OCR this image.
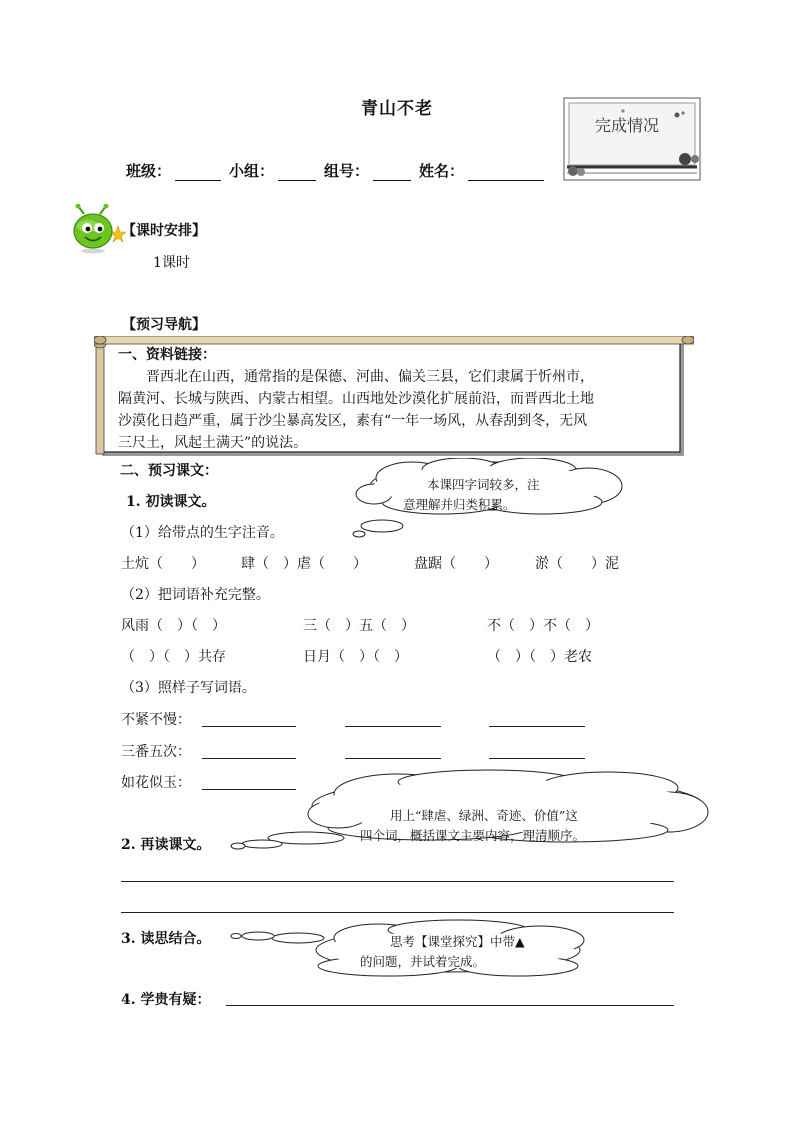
青山不老
班级：	小组：	组号：	姓名：
完成情况
【课时安排】
1课时
【预习导航】
一、资料链接：

晋西北在山西，通常指的是保德、河曲、偏关三县，它们隶属于忻州市，

隔黄河、长城与陕西、内蒙古相望。山西地处沙漠化扩展前沿，而晋西北土地

沙漠化日趋严重，属于沙尘暴高发区，素有“一年一场风，从春刮到冬，无风

三尺土，风起土满天”的说法。

二、预习课文：
1. 初读课文。
（1）给带点的生字注音。
土炕（　　）	肆（　）虐（　　）	盘踞（　　）	淤（　　）泥
（2）把词语补充完整。
风雨（　）（　）	三（　）五（　）	不（　）不（　）
（　）（　）共存	日月（　）（　）	（　）（　）老农
（3）照样子写词语。
不紧不慢：
三番五次：
如花似玉：
2. 再读课文。
3. 读思结合。
4. 学贵有疑：
本课四字词较多，注
意理解并归类积累。
用上“肆虐、绿洲、奇迹、价值”这
四个词，概括课文主要内容，理清顺序。
思考【课堂探究】中带▲
的问题，并试着完成。
